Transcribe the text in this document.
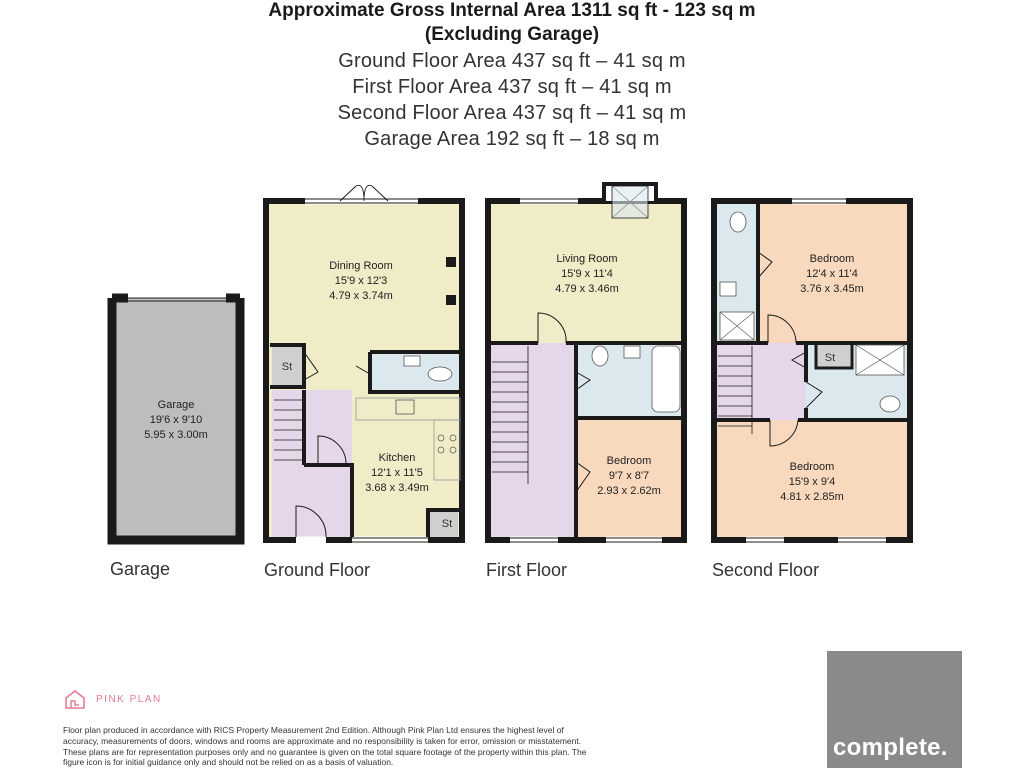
Approximate Gross Internal Area 1311 sq ft - 123 sq m
(Excluding Garage)
Ground Floor Area 437 sq ft – 41 sq m
First Floor Area 437 sq ft – 41 sq m
Second Floor Area 437 sq ft – 41 sq m
Garage Area 192 sq ft – 18 sq m
Garage
19'6 x 9'10
5.95 x 3.00m
St
St
Dining Room
15'9 x 12'3
4.79 x 3.74m
Kitchen
12'1 x 11'5
3.68 x 3.49m
Living Room
15'9 x 11'4
4.79 x 3.46m
Bedroom
9'7 x 8'7
2.93 x 2.62m
St
Bedroom
12'4 x 11'4
3.76 x 3.45m
Bedroom
15'9 x 9'4
4.81 x 2.85m
Garage	Ground Floor	First Floor	Second Floor
PINK PLAN
Floor plan produced in accordance with RICS Property Measurement 2nd Edition. Although Pink Plan Ltd ensures the highest level of accuracy, measurements of doors, windows and rooms are approximate and no responsibility is taken for error, omission or misstatement. These plans are for representation purposes only and no guarantee is given on the total square footage of the property within this plan. The figure icon is for initial guidance only and should not be relied on as a basis of valuation.
complete.
